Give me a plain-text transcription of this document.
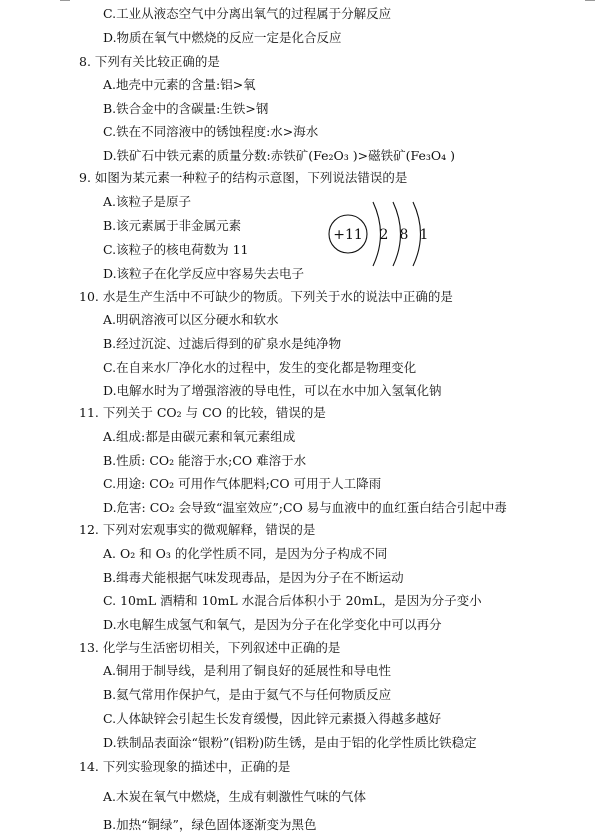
C.工业从液态空气中分离出氧气的过程属于分解反应
D.物质在氧气中燃烧的反应一定是化合反应
8. 下列有关比较正确的是
A.地壳中元素的含量:铝>氧
B.铁合金中的含碳量:生铁>钢
C.铁在不同溶液中的锈蚀程度:水>海水
D.铁矿石中铁元素的质量分数:赤铁矿(Fe₂O₃ )>磁铁矿(Fe₃O₄ )
9. 如图为某元素一种粒子的结构示意图，下列说法错误的是
A.该粒子是原子
B.该元素属于非金属元素
C.该粒子的核电荷数为 11
D.该粒子在化学反应中容易失去电子
10. 水是生产生活中不可缺少的物质。下列关于水的说法中正确的是
A.明矾溶液可以区分硬水和软水
B.经过沉淀、过滤后得到的矿泉水是纯净物
C.在自来水厂净化水的过程中，发生的变化都是物理变化
D.电解水时为了增强溶液的导电性，可以在水中加入氢氧化钠
11. 下列关于 CO₂ 与 CO 的比较，错误的是
A.组成:都是由碳元素和氧元素组成
B.性质: CO₂ 能溶于水;CO 难溶于水
C.用途: CO₂ 可用作气体肥料;CO 可用于人工降雨
D.危害: CO₂ 会导致“温室效应”;CO 易与血液中的血红蛋白结合引起中毒
12. 下列对宏观事实的微观解释，错误的是
A. O₂ 和 O₃ 的化学性质不同，是因为分子构成不同
B.缉毒犬能根据气味发现毒品，是因为分子在不断运动
C. 10mL 酒精和 10mL 水混合后体积小于 20mL，是因为分子变小
D.水电解生成氢气和氧气，是因为分子在化学变化中可以再分
13. 化学与生活密切相关，下列叙述中正确的是
A.铜用于制导线，是利用了铜良好的延展性和导电性
B.氦气常用作保护气，是由于氦气不与任何物质反应
C.人体缺锌会引起生长发育缓慢，因此锌元素摄入得越多越好
D.铁制品表面涂“银粉”(铝粉)防生锈，是由于铝的化学性质比铁稳定
14. 下列实验现象的描述中，正确的是
A.木炭在氧气中燃烧，生成有刺激性气味的气体
B.加热“铜绿”，绿色固体逐渐变为黑色
+11 2 8 1
